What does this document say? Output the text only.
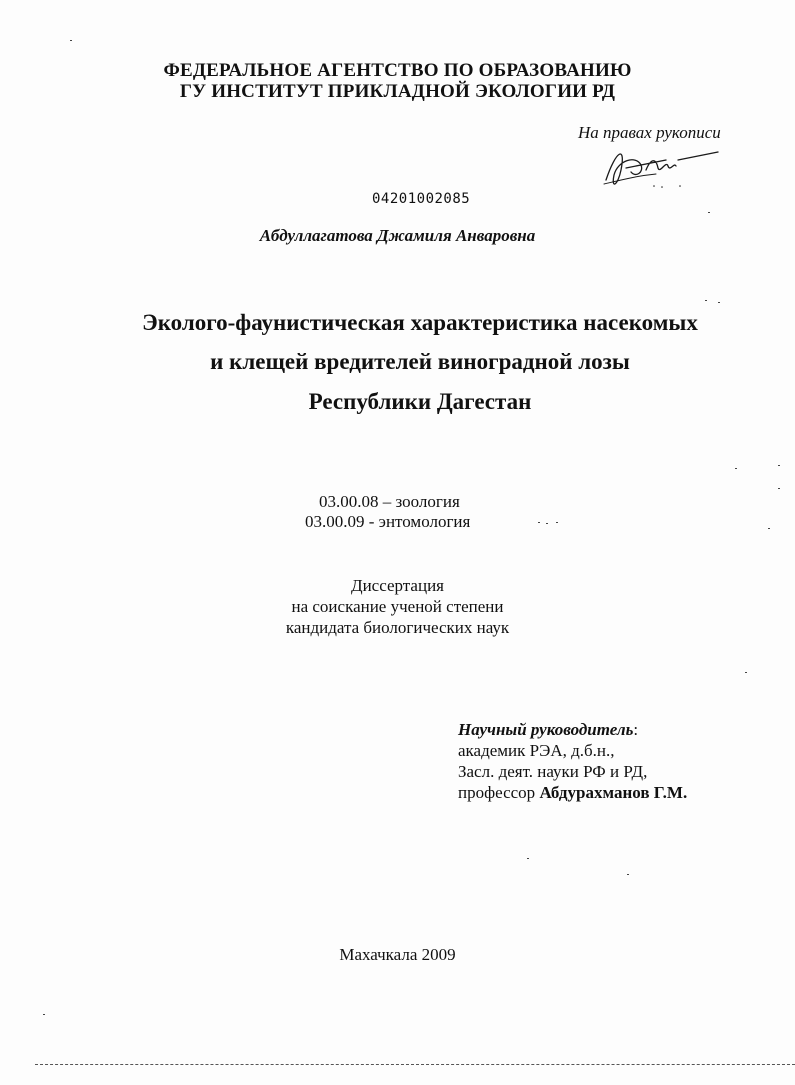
ФЕДЕРАЛЬНОЕ АГЕНТСТВО ПО ОБРАЗОВАНИЮ
ГУ ИНСТИТУТ ПРИКЛАДНОЙ ЭКОЛОГИИ РД
На правах рукописи
04201002085
Абдуллагатова Джамиля Анваровна
Эколого-фаунистическая характеристика насекомых
и клещей вредителей виноградной лозы
Республики Дагестан
03.00.08 – зоология
03.00.09 - энтомология
Диссертация
на соискание ученой степени
кандидата биологических наук
Научный руководитель:
академик РЭА, д.б.н.,
Засл. деят. науки РФ и РД,
профессор Абдурахманов Г.М.
Махачкала 2009
